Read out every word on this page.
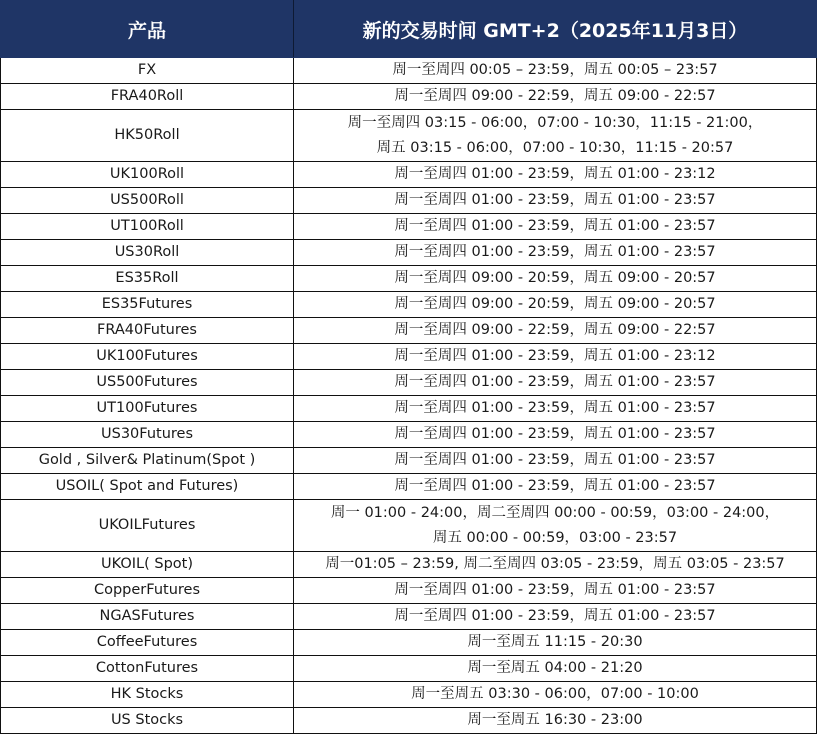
产品	新的交易时间 GMT+2（2025年11月3日）
FX	周一至周四 00:05 – 23:59，周五 00:05 – 23:57
FRA40Roll	周一至周四 09:00 - 22:59，周五 09:00 - 22:57
HK50Roll	周一至周四 03:15 - 06:00，07:00 - 10:30，11:15 - 21:00，
周五 03:15 - 06:00，07:00 - 10:30，11:15 - 20:57

UK100Roll	周一至周四 01:00 - 23:59，周五 01:00 - 23:12
US500Roll	周一至周四 01:00 - 23:59，周五 01:00 - 23:57
UT100Roll	周一至周四 01:00 - 23:59，周五 01:00 - 23:57
US30Roll	周一至周四 01:00 - 23:59，周五 01:00 - 23:57
ES35Roll	周一至周四 09:00 - 20:59，周五 09:00 - 20:57
ES35Futures	周一至周四 09:00 - 20:59，周五 09:00 - 20:57
FRA40Futures	周一至周四 09:00 - 22:59，周五 09:00 - 22:57
UK100Futures	周一至周四 01:00 - 23:59，周五 01:00 - 23:12
US500Futures	周一至周四 01:00 - 23:59，周五 01:00 - 23:57
UT100Futures	周一至周四 01:00 - 23:59，周五 01:00 - 23:57
US30Futures	周一至周四 01:00 - 23:59，周五 01:00 - 23:57
Gold , Silver& Platinum(Spot )	周一至周四 01:00 - 23:59，周五 01:00 - 23:57
USOIL( Spot and Futures)	周一至周四 01:00 - 23:59，周五 01:00 - 23:57
UKOILFutures	周一 01:00 - 24:00，周二至周四 00:00 - 00:59，03:00 - 24:00，
周五 00:00 - 00:59，03:00 - 23:57

UKOIL( Spot)	周一01:05 – 23:59, 周二至周四 03:05 - 23:59，周五 03:05 - 23:57
CopperFutures	周一至周四 01:00 - 23:59，周五 01:00 - 23:57
NGASFutures	周一至周四 01:00 - 23:59，周五 01:00 - 23:57
CoffeeFutures	周一至周五 11:15 - 20:30
CottonFutures	周一至周五 04:00 - 21:20
HK Stocks	周一至周五 03:30 - 06:00，07:00 - 10:00
US Stocks	周一至周五 16:30 - 23:00
